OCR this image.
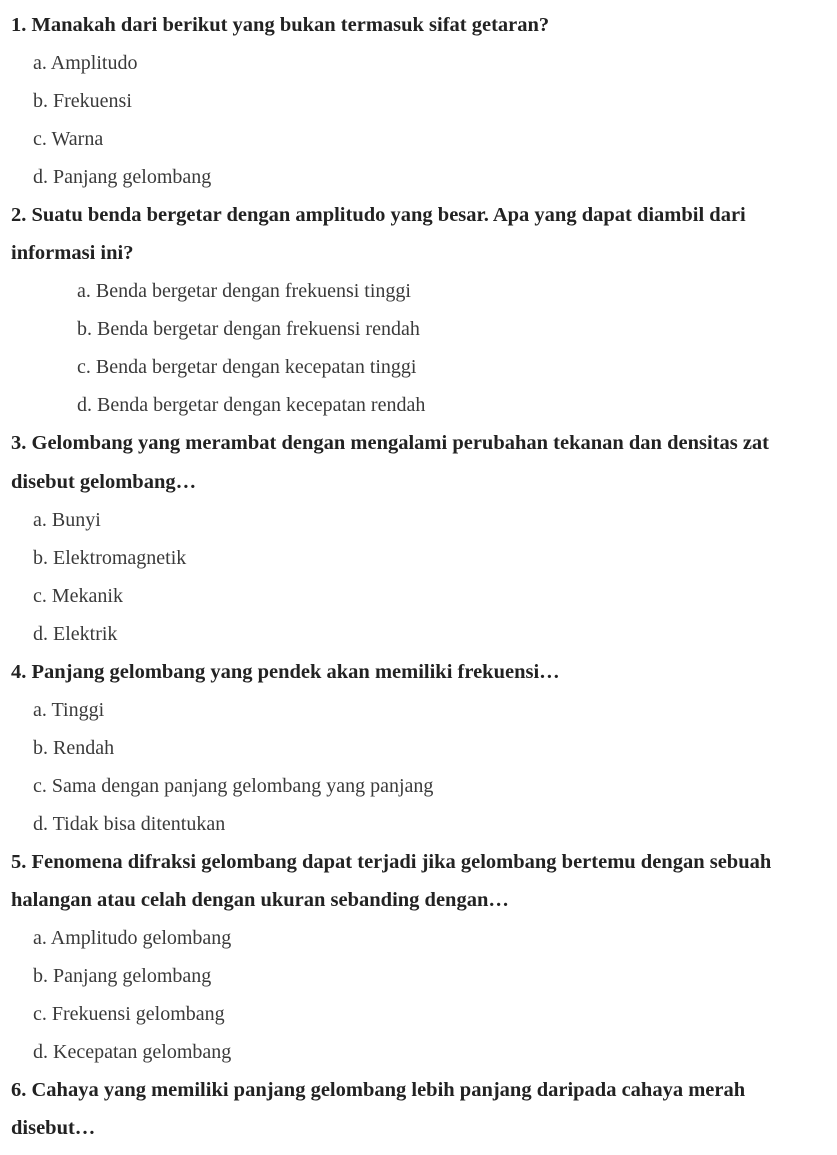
1. Manakah dari berikut yang bukan termasuk sifat getaran?
a. Amplitudo
b. Frekuensi
c. Warna
d. Panjang gelombang
2. Suatu benda bergetar dengan amplitudo yang besar. Apa yang dapat diambil dari
informasi ini?
a. Benda bergetar dengan frekuensi tinggi
b. Benda bergetar dengan frekuensi rendah
c. Benda bergetar dengan kecepatan tinggi
d. Benda bergetar dengan kecepatan rendah
3. Gelombang yang merambat dengan mengalami perubahan tekanan dan densitas zat
disebut gelombang…
a. Bunyi
b. Elektromagnetik
c. Mekanik
d. Elektrik
4. Panjang gelombang yang pendek akan memiliki frekuensi…
a. Tinggi
b. Rendah
c. Sama dengan panjang gelombang yang panjang
d. Tidak bisa ditentukan
5. Fenomena difraksi gelombang dapat terjadi jika gelombang bertemu dengan sebuah
halangan atau celah dengan ukuran sebanding dengan…
a. Amplitudo gelombang
b. Panjang gelombang
c. Frekuensi gelombang
d. Kecepatan gelombang
6. Cahaya yang memiliki panjang gelombang lebih panjang daripada cahaya merah
disebut…
